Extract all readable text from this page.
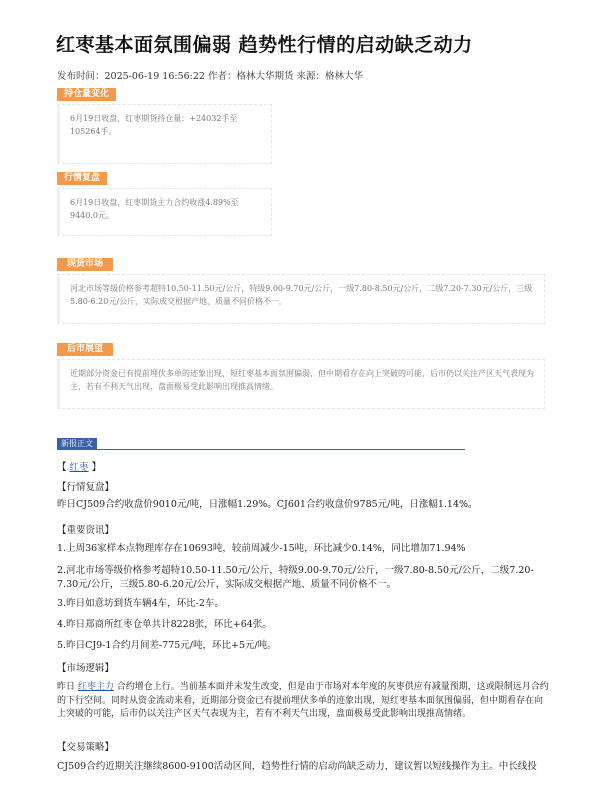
红枣基本面氛围偏弱 趋势性行情的启动缺乏动力
发布时间：2025-06-19 16:56:22 作者：格林大华期货 来源：格林大华
持仓量变化
6月19日收盘，红枣期货持仓量：+24032手至105264手。
行情复盘
6月19日收盘，红枣期货主力合约收涨4.89%至9440.0元。
现货市场
河北市场等级价格参考超特10.50-11.50元/公斤，特级9.00-9.70元/公斤，一级7.80-8.50元/公斤，二级7.20-7.30元/公斤，三级5.80-6.20元/公斤，实际成交根据产地、质量不同价格不一。
后市展望
近期部分资金已有提前埋伏多单的迹象出现，短红枣基本面氛围偏弱，但中期看存在向上突破的可能，后市仍以关注产区天气表现为主，若有不利天气出现，盘面极易受此影响出现推高情绪。
新报正文
【 红枣 】
【行情复盘】
昨日CJ509合约收盘价9010元/吨，日涨幅1.29%。CJ601合约收盘价9785元/吨，日涨幅1.14%。
【重要资讯】
1.上周36家样本点物理库存在10693吨，较前周减少-15吨，环比减少0.14%，同比增加71.94%
2.河北市场等级价格参考超特10.50-11.50元/公斤，特级9.00-9.70元/公斤，一级7.80-8.50元/公斤，二级7.20-7.30元/公斤，三级5.80-6.20元/公斤，实际成交根据产地、质量不同价格不一。
3.昨日如意坊到货车辆4车，环比-2车。
4.昨日郑商所红枣仓单共计8228张，环比+64张。
5.昨日CJ9-1合约月间差-775元/吨，环比+5元/吨。
【市场逻辑】
昨日 红枣主力 合约增仓上行。当前基本面并未发生改变，但是由于市场对本年度的灰枣供应有减量预期，这或限制远月合约的下行空间。同时从资金流动来看，近期部分资金已有提前埋伏多单的迹象出现，短红枣基本面氛围偏弱，但中期看存在向上突破的可能，后市仍以关注产区天气表现为主，若有不利天气出现，盘面极易受此影响出现推高情绪。
【交易策略】
CJ509合约近期关注继续8600-9100活动区间，趋势性行情的启动尚缺乏动力，建议暂以短线操作为主。中长线投
